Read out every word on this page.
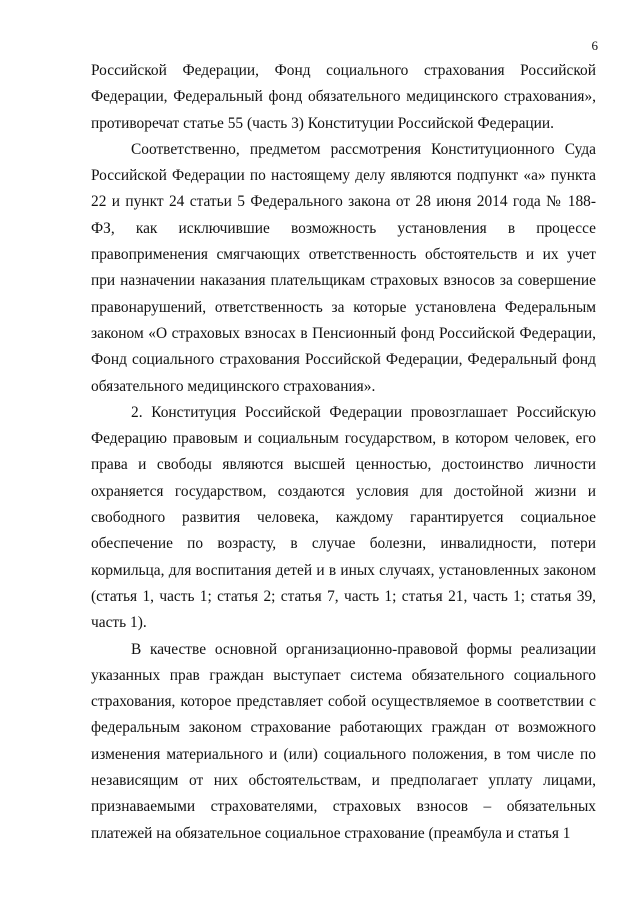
6

Российской Федерации, Фонд социального страхования Российской Федерации, Федеральный фонд обязательного медицинского страхования», противоречат статье 55 (часть 3) Конституции Российской Федерации.

Соответственно, предметом рассмотрения Конституционного Суда Российской Федерации по настоящему делу являются подпункт «а» пункта 22 и пункт 24 статьи 5 Федерального закона от 28 июня 2014 года № 188-ФЗ, как исключившие возможность установления в процессе правоприменения смягчающих ответственность обстоятельств и их учет при назначении наказания плательщикам страховых взносов за совершение правонарушений, ответственность за которые установлена Федеральным законом «О страховых взносах в Пенсионный фонд Российской Федерации, Фонд социального страхования Российской Федерации, Федеральный фонд обязательного медицинского страхования».

2. Конституция Российской Федерации провозглашает Российскую Федерацию правовым и социальным государством, в котором человек, его права и свободы являются высшей ценностью, достоинство личности охраняется государством, создаются условия для достойной жизни и свободного развития человека, каждому гарантируется социальное обеспечение по возрасту, в случае болезни, инвалидности, потери кормильца, для воспитания детей и в иных случаях, установленных законом (статья 1, часть 1; статья 2; статья 7, часть 1; статья 21, часть 1; статья 39, часть 1).

В качестве основной организационно-правовой формы реализации указанных прав граждан выступает система обязательного социального страхования, которое представляет собой осуществляемое в соответствии с федеральным законом страхование работающих граждан от возможного изменения материального и (или) социального положения, в том числе по независящим от них обстоятельствам, и предполагает уплату лицами, признаваемыми страхователями, страховых взносов – обязательных платежей на обязательное социальное страхование (преамбула и статья 1
